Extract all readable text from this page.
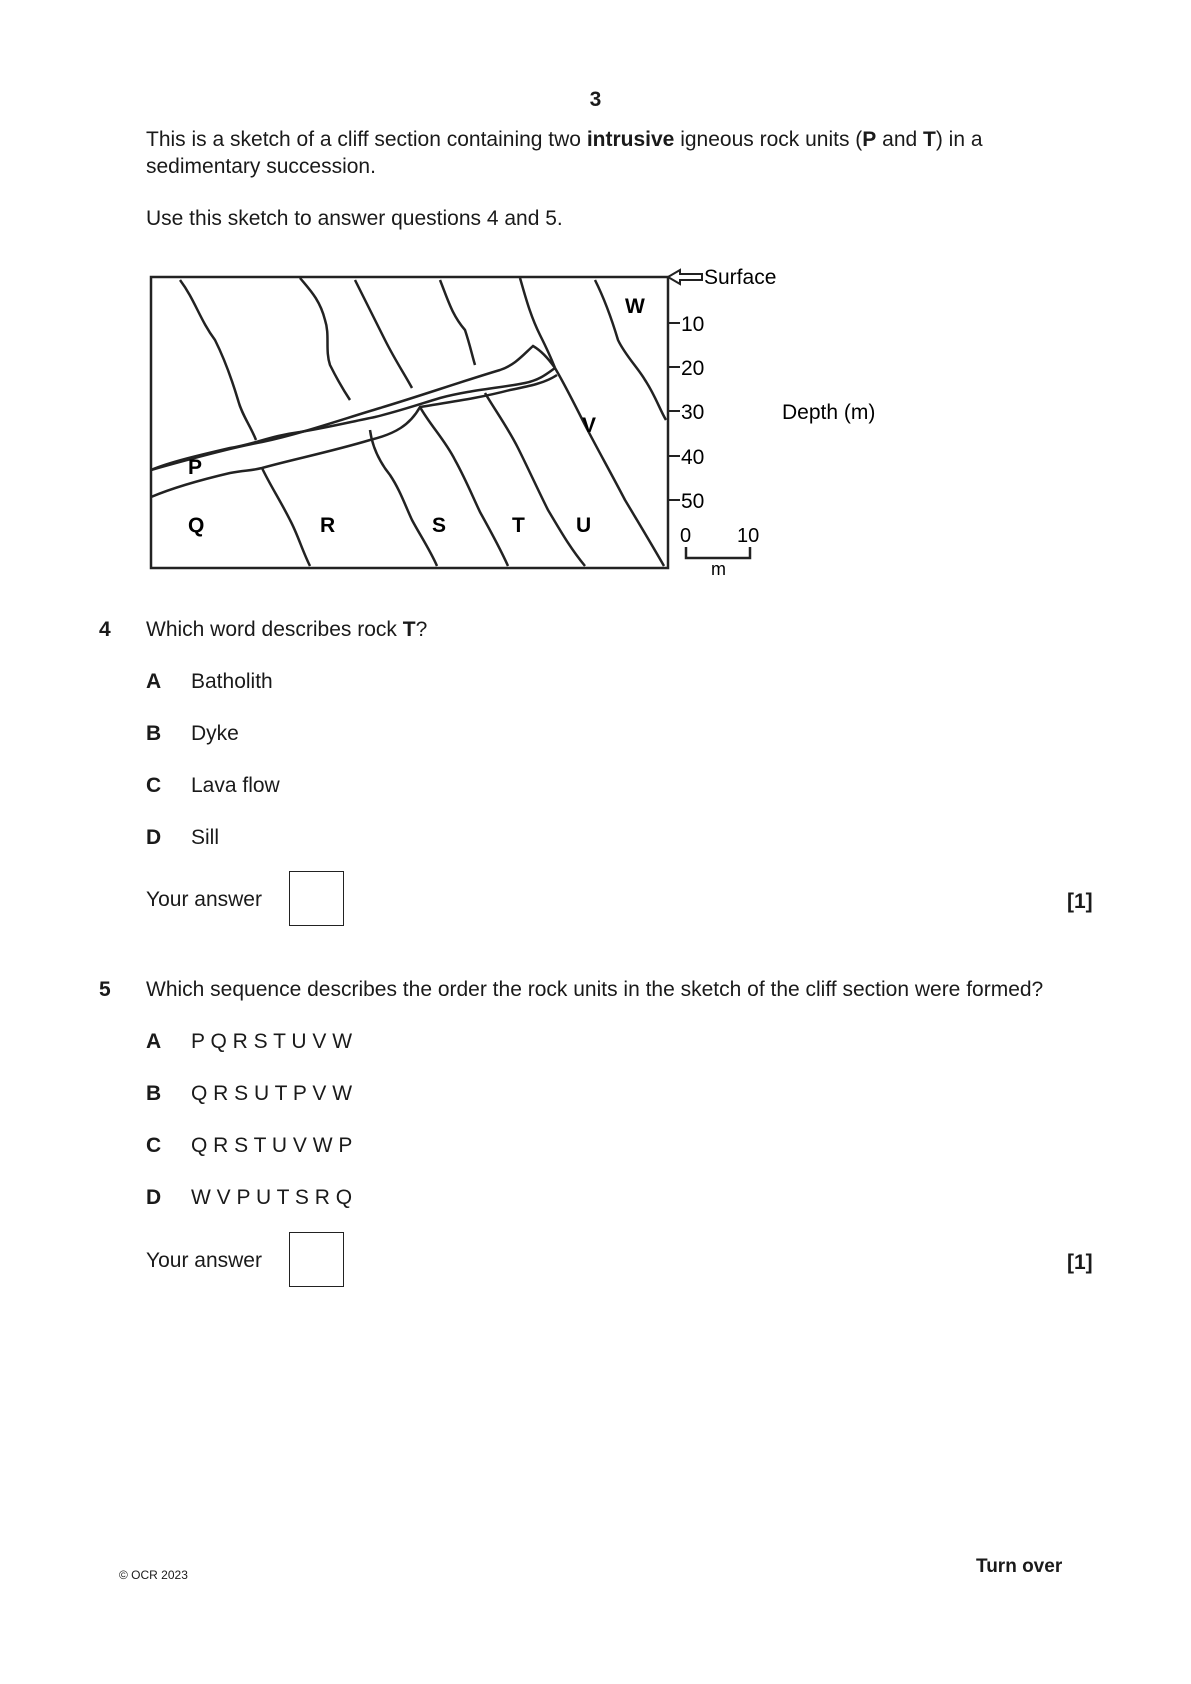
3
This is a sketch of a cliff section containing two intrusive igneous rock units (P and T) in a sedimentary succession.
Use this sketch to answer questions 4 and 5.
W
V
P
Q	R	S	T U
Surface
10
20
30
40
50
Depth (m)
0 10
m
4 Which word describes rock T?
A Batholith
B Dyke
C Lava flow
D Sill
Your answer	[1]
5 Which sequence describes the order the rock units in the sketch of the cliff section were formed?
A P Q R S T U V W
B Q R S U T P V W
C Q R S T U V W P
D W V P U T S R Q
Your answer	[1]
© OCR 2023	Turn over
